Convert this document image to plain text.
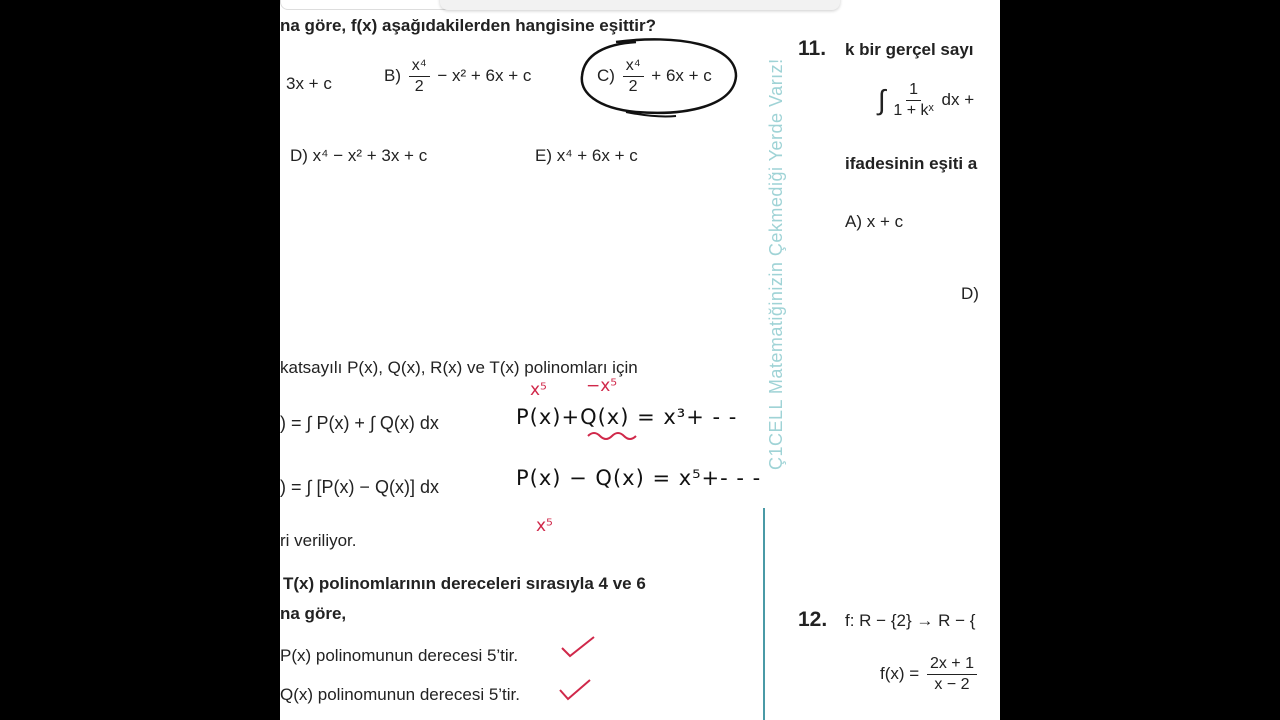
na göre, f(x) aşağıdakilerden hangisine eşittir?
3x + c	$B) \frac{\text{x⁴}}{2} - x^2 + 6x + c$	$C) \frac{\text{x⁴}}{2} + 6x + c$
D) x⁴ − x² + 3x + c	E) x⁴ + 6x + c
katsayılı P(x), Q(x), R(x) ve T(x) polinomları için
) = ∫ P(x) + ∫ Q(x) dx
) = ∫ [P(x) − Q(x)] dx
ri veriliyor.
T(x) polinomlarının dereceleri sırasıyla 4 ve 6
na göre,
P(x) polinomunun derecesi 5’tir.
Q(x) polinomunun derecesi 5’tir.
P(x)+Q(x) = x³+ - -
P(x) − Q(x) = x⁵+- - -
x⁵ −x⁵
x⁵
Ç1CELL Matematiğinizin Çekmediği Yerde Varız!
11. k bir gerçel sayı
∫ $\frac{1}{\text{1 + kˣ}}$ dx +
ifadesinin eşiti a
A) x + c
D)
12. f: R − {2} → R − {
$f(x) = \frac{2x + 1}{x - 2}$
